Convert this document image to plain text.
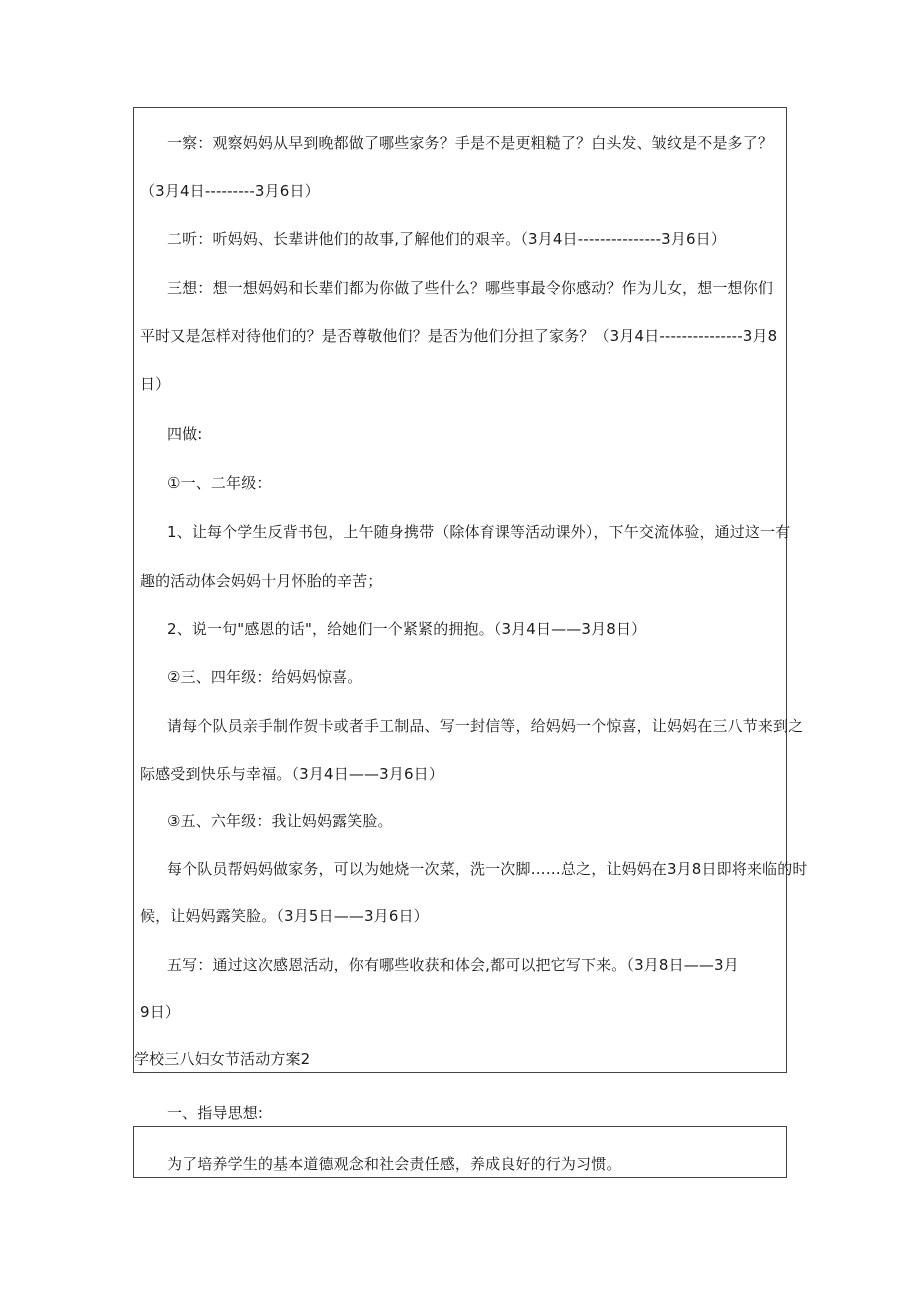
一察：观察妈妈从早到晚都做了哪些家务？手是不是更粗糙了？白头发、皱纹是不是多了？
（3月4日---------3月6日）
二听：听妈妈、长辈讲他们的故事,了解他们的艰辛。（3月4日---------------3月6日）
三想：想一想妈妈和长辈们都为你做了些什么？哪些事最令你感动？作为儿女，想一想你们
平时又是怎样对待他们的？是否尊敬他们？是否为他们分担了家务？（3月4日---------------3月8
日）
四做:
①一、二年级：
1、让每个学生反背书包，上午随身携带（除体育课等活动课外），下午交流体验，通过这一有
趣的活动体会妈妈十月怀胎的辛苦；
2、说一句"感恩的话"，给她们一个紧紧的拥抱。（3月4日——3月8日）
②三、四年级：给妈妈惊喜。
请每个队员亲手制作贺卡或者手工制品、写一封信等，给妈妈一个惊喜，让妈妈在三八节来到之
际感受到快乐与幸福。（3月4日——3月6日）
③五、六年级：我让妈妈露笑脸。
每个队员帮妈妈做家务，可以为她烧一次菜，洗一次脚……总之，让妈妈在3月8日即将来临的时
候，让妈妈露笑脸。（3月5日——3月6日）
五写：通过这次感恩活动，你有哪些收获和体会,都可以把它写下来。（3月8日——3月
9日）
学校三八妇女节活动方案2
一、指导思想:
为了培养学生的基本道德观念和社会责任感，养成良好的行为习惯。
